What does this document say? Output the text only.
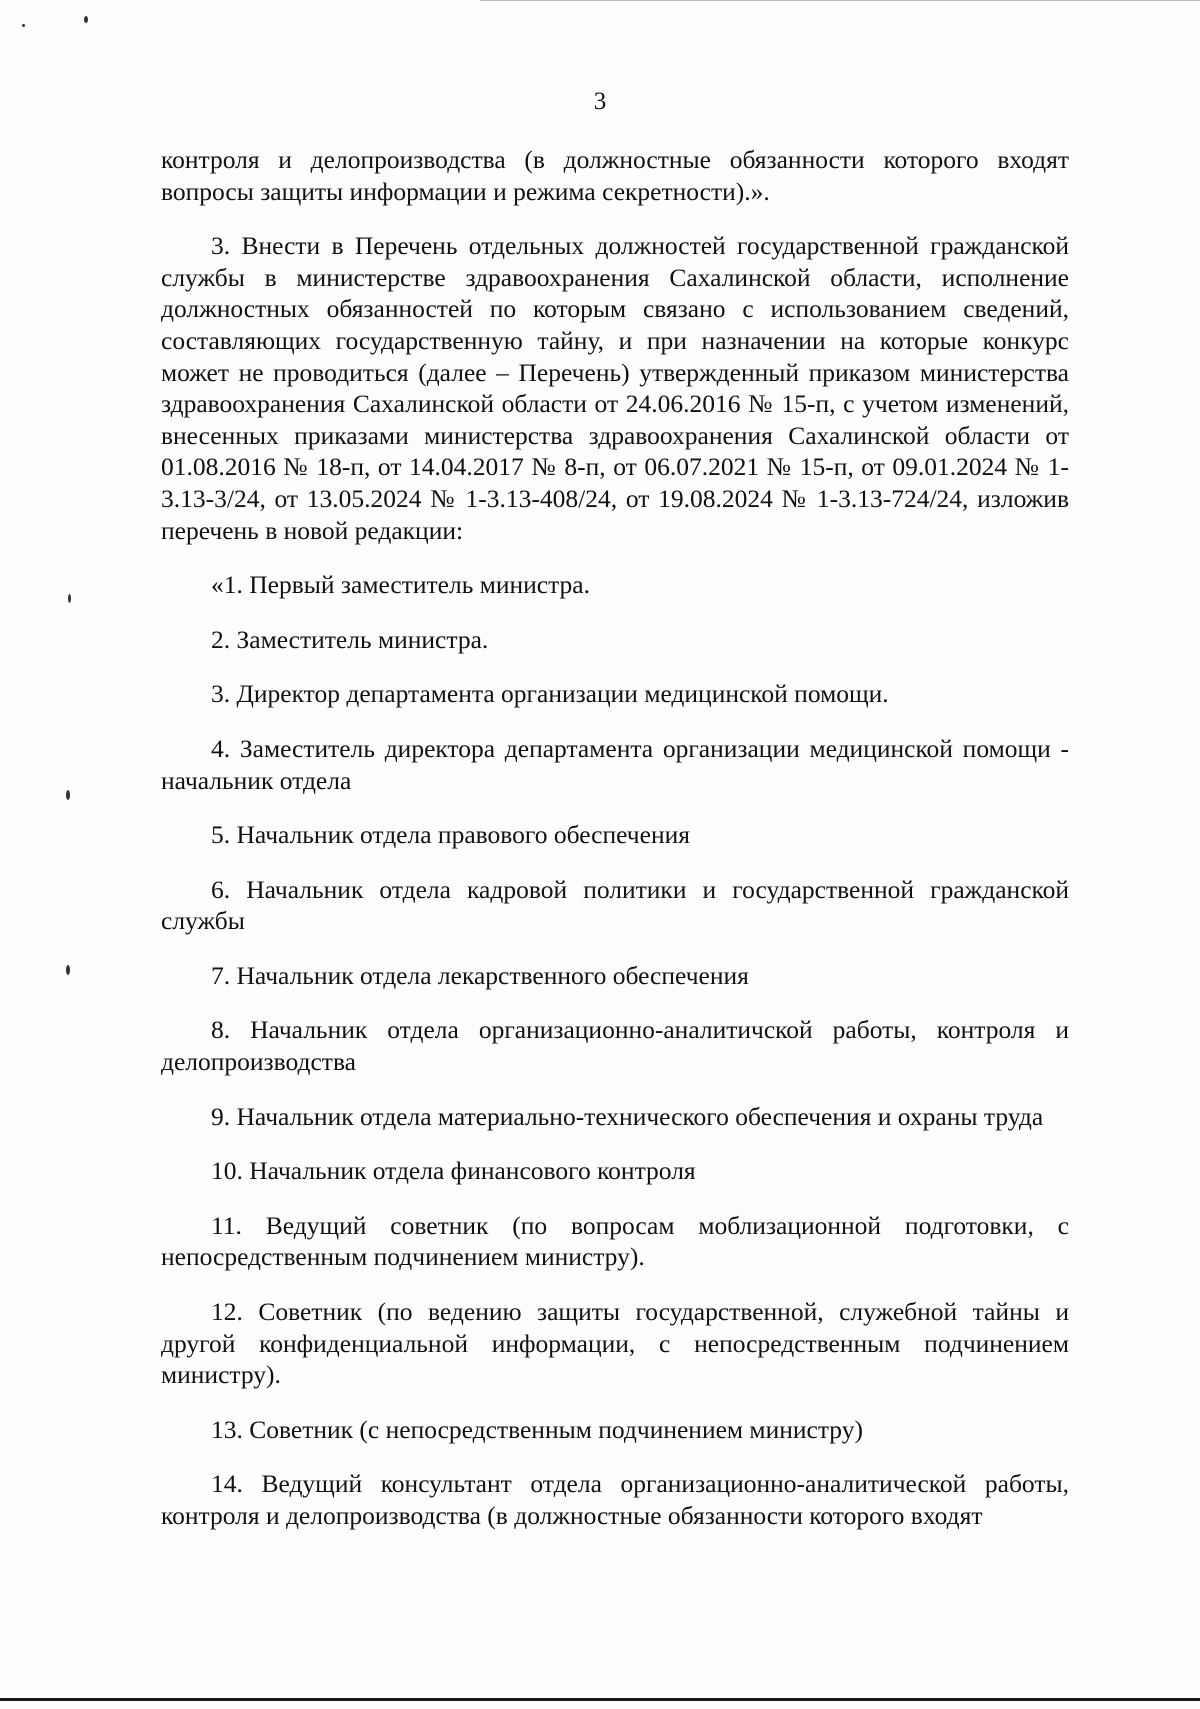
3

контроля и делопроизводства (в должностные обязанности которого входят вопросы защиты информации и режима секретности).».

3. Внести в Перечень отдельных должностей государственной гражданской службы в министерстве здравоохранения Сахалинской области, исполнение должностных обязанностей по которым связано с использованием сведений, составляющих государственную тайну, и при назначении на которые конкурс может не проводиться (далее – Перечень) утвержденный приказом министерства здравоохранения Сахалинской области от 24.06.2016 № 15-п, с учетом изменений, внесенных приказами министерства здравоохранения Сахалинской области от 01.08.2016 № 18-п, от 14.04.2017 № 8-п, от 06.07.2021 № 15-п, от 09.01.2024 № 1-3.13-3/24, от 13.05.2024 № 1-3.13-408/24, от 19.08.2024 № 1-3.13-724/24, изложив перечень в новой редакции:

«1. Первый заместитель министра.

2. Заместитель министра.

3. Директор департамента организации медицинской помощи.

4. Заместитель директора департамента организации медицинской помощи - начальник отдела

5. Начальник отдела правового обеспечения

6. Начальник отдела кадровой политики и государственной гражданской службы

7. Начальник отдела лекарственного обеспечения

8. Начальник отдела организационно-аналитичской работы, контроля и делопроизводства

9. Начальник отдела материально-технического обеспечения и охраны труда

10. Начальник отдела финансового контроля

11. Ведущий советник (по вопросам моблизационной подготовки, с непосредственным подчинением министру).

12. Советник (по ведению защиты государственной, служебной тайны и другой конфиденциальной информации, с непосредственным подчинением министру).

13. Советник (с непосредственным подчинением министру)

14. Ведущий консультант отдела организационно-аналитической работы, контроля и делопроизводства (в должностные обязанности которого входят
